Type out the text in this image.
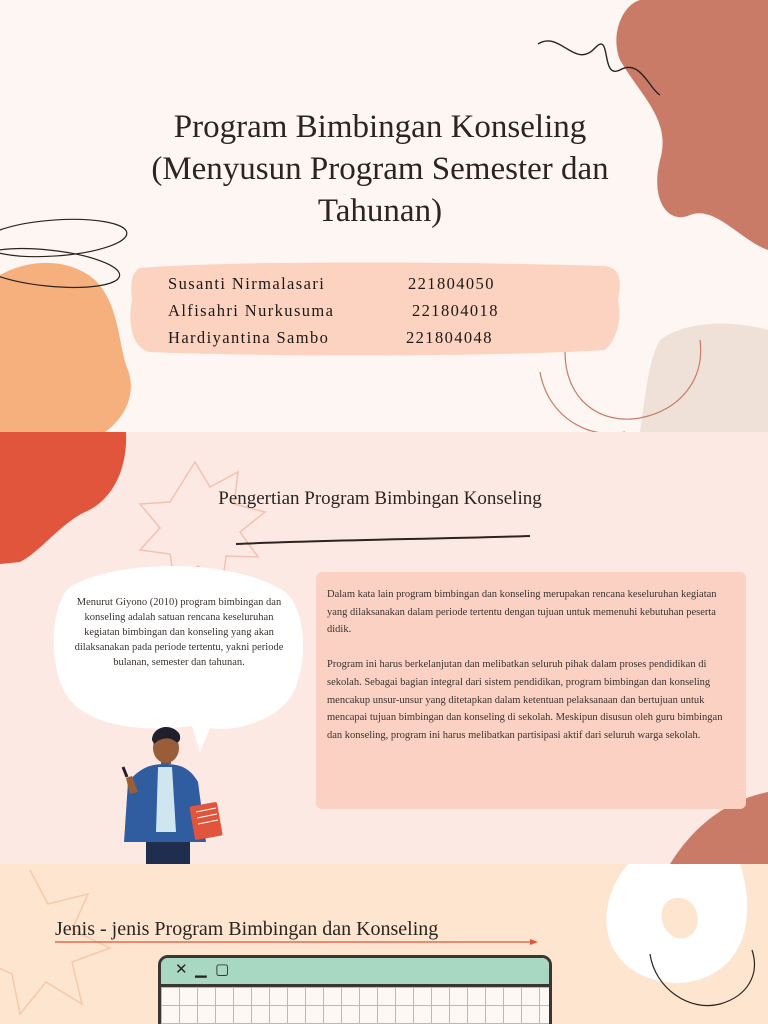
Program Bimbingan Konseling
(Menyusun Program Semester dan
Tahunan)
Susanti Nirmalasari	221804050
Alfisahri Nurkusuma	221804018
Hardiyantina Sambo	221804048
Pengertian Program Bimbingan Konseling
Menurut Giyono (2010) program bimbingan dan konseling adalah satuan rencana keseluruhan kegiatan bimbingan dan konseling yang akan dilaksanakan pada periode tertentu, yakni periode bulanan, semester dan tahunan.

Dalam kata lain program bimbingan dan konseling merupakan rencana keseluruhan kegiatan yang dilaksanakan dalam periode tertentu dengan tujuan untuk memenuhi kebutuhan peserta didik.

Program ini harus berkelanjutan dan melibatkan seluruh pihak dalam proses pendidikan di sekolah. Sebagai bagian integral dari sistem pendidikan, program bimbingan dan konseling mencakup unsur-unsur yang ditetapkan dalam ketentuan pelaksanaan dan bertujuan untuk mencapai tujuan bimbingan dan konseling di sekolah. Meskipun disusun oleh guru bimbingan dan konseling, program ini harus melibatkan partisipasi aktif dari seluruh warga sekolah.

Jenis - jenis Program Bimbingan dan Konseling
✕ ▁ ▢
